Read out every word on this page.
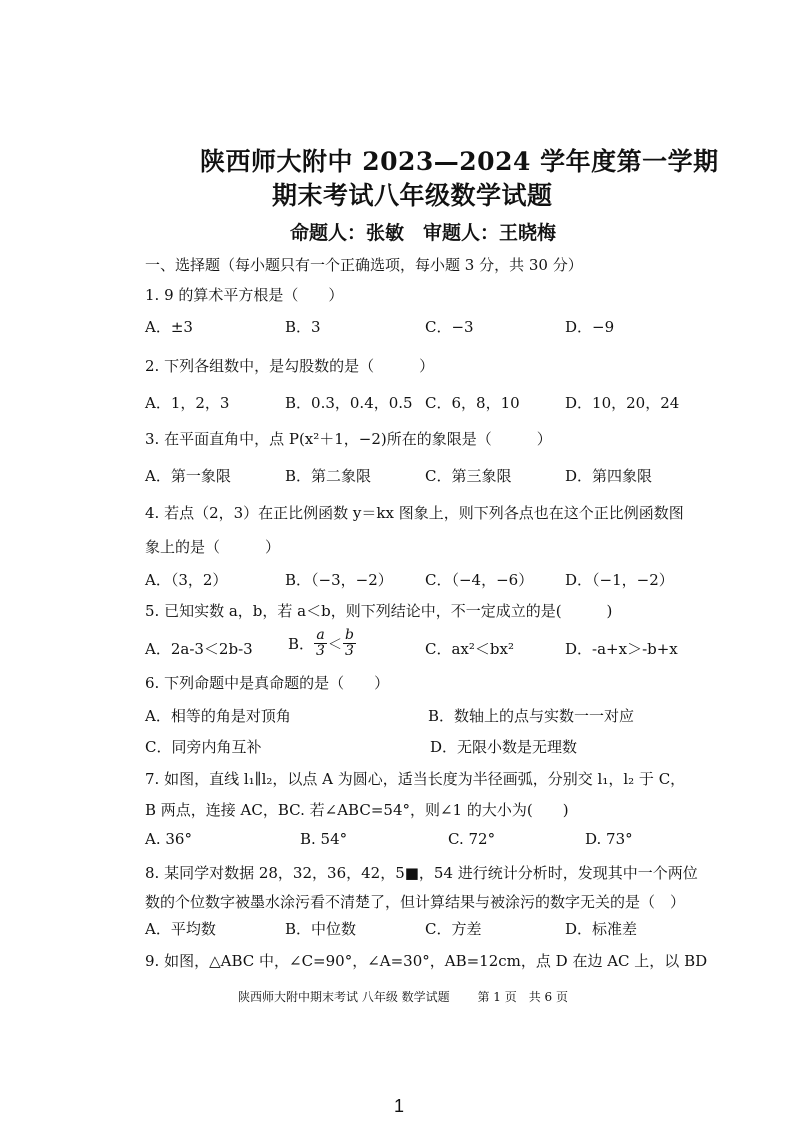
陕西师大附中 2023—2024 学年度第一学期
期末考试八年级数学试题
命题人：张敏　审题人：王晓梅
一、选择题（每小题只有一个正确选项，每小题 3 分，共 30 分）
1. 9 的算术平方根是（　　）
A．±3	B．3	C．−3	D．−9
2. 下列各组数中，是勾股数的是（　　　）
A．1，2，3	B．0.3，0.4，0.5 C．6，8，10	D．10，20，24
3. 在平面直角中，点 P(x²＋1，−2)所在的象限是（　　　）
A．第一象限	B．第二象限	C．第三象限	D．第四象限
4. 若点（2，3）在正比例函数 y＝kx 图象上，则下列各点也在这个正比例函数图
象上的是（　　　）
A．（3，2）	B．（−3，−2） C．（−4，−6） D．（−1，−2）
5. 已知实数 a，b，若 a＜b，则下列结论中，不一定成立的是(　　　)
A．2a-3＜2b-3 B． $\frac{a}{3} < \frac{b}{3}$	C．ax²＜bx²	D．-a+x＞-b+x
6. 下列命题中是真命题的是（　　）
A．相等的角是对顶角	B．数轴上的点与实数一一对应
C．同旁内角互补	D．无限小数是无理数
7. 如图，直线 l₁∥l₂，以点 A 为圆心，适当长度为半径画弧，分别交 l₁，l₂ 于 C，
B 两点，连接 AC，BC. 若∠ABC=54°，则∠1 的大小为(　　)
A. 36°	B. 54°	C. 72°	D. 73°
8. 某同学对数据 28，32，36，42，5■，54 进行统计分析时，发现其中一个两位
数的个位数字被墨水涂污看不清楚了，但计算结果与被涂污的数字无关的是（　）
A．平均数	B．中位数	C．方差	D．标准差
9. 如图，△ABC 中，∠C=90°，∠A=30°，AB=12cm，点 D 在边 AC 上，以 BD
陕西师大附中期末考试 八年级 数学试题　　 第 1 页　共 6 页
1
